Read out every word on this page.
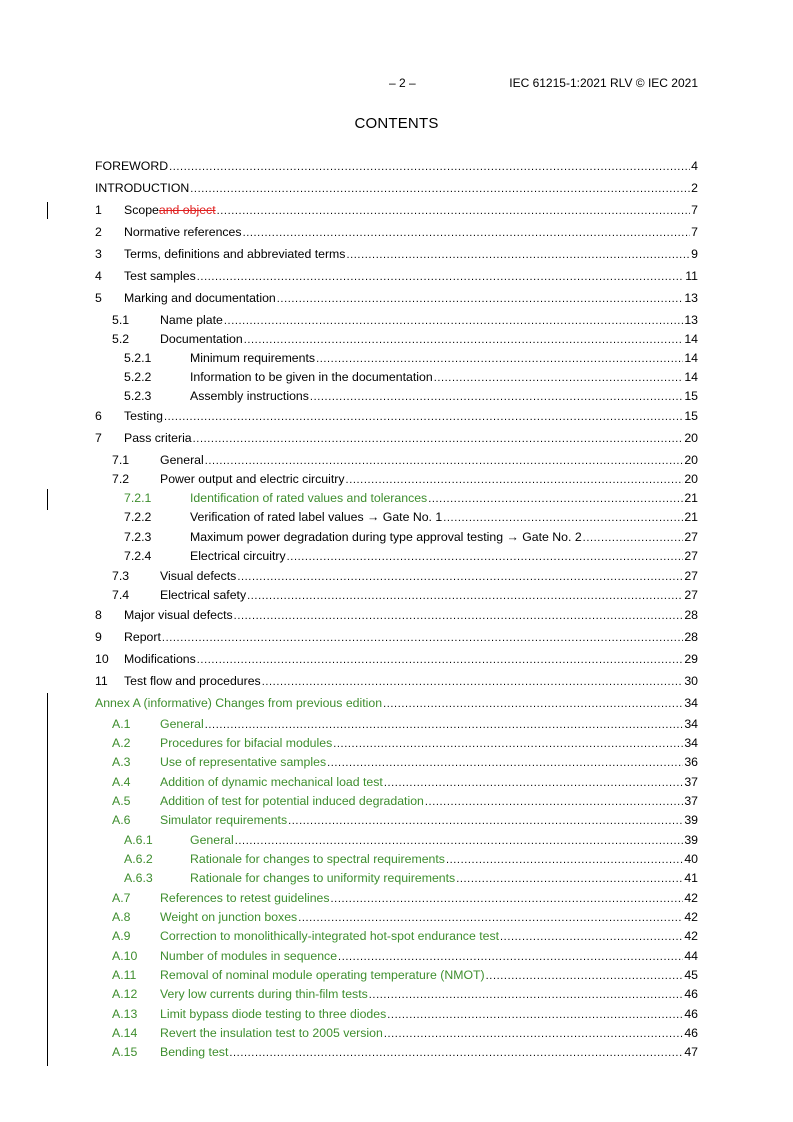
– 2 –	IEC 61215-1:2021 RLV © IEC 2021
CONTENTS
FOREWORD .....	4
INTRODUCTION .....	2
1	Scope and object .....	7
2	Normative references .....	7
3	Terms, definitions and abbreviated terms .....	9
4	Test samples .....	11
5	Marking and documentation .....	13
5.1	Name plate .....	13
5.2	Documentation .....	14
5.2.1	Minimum requirements .....	14
5.2.2	Information to be given in the documentation .....	14
5.2.3	Assembly instructions .....	15
6	Testing .....	15
7	Pass criteria .....	20
7.1	General .....	20
7.2	Power output and electric circuitry .....	20
7.2.1	Identification of rated values and tolerances .....	21
7.2.2	Verification of rated label values → Gate No. 1 .....	21
7.2.3	Maximum power degradation during type approval testing → Gate No. 2 .....	27
7.2.4	Electrical circuitry .....	27
7.3	Visual defects .....	27
7.4	Electrical safety .....	27
8	Major visual defects .....	28
9	Report .....	28
10	Modifications .....	29
11	Test flow and procedures .....	30
Annex A (informative) Changes from previous edition .....	34
A.1	General .....	34
A.2	Procedures for bifacial modules .....	34
A.3	Use of representative samples .....	36
A.4	Addition of dynamic mechanical load test .....	37
A.5	Addition of test for potential induced degradation .....	37
A.6	Simulator requirements .....	39
A.6.1	General .....	39
A.6.2	Rationale for changes to spectral requirements .....	40
A.6.3	Rationale for changes to uniformity requirements .....	41
A.7	References to retest guidelines .....	42
A.8	Weight on junction boxes .....	42
A.9	Correction to monolithically-integrated hot-spot endurance test .....	42
A.10	Number of modules in sequence .....	44
A.11	Removal of nominal module operating temperature (NMOT) .....	45
A.12	Very low currents during thin-film tests .....	46
A.13	Limit bypass diode testing to three diodes .....	46
A.14	Revert the insulation test to 2005 version .....	46
A.15	Bending test .....	47
